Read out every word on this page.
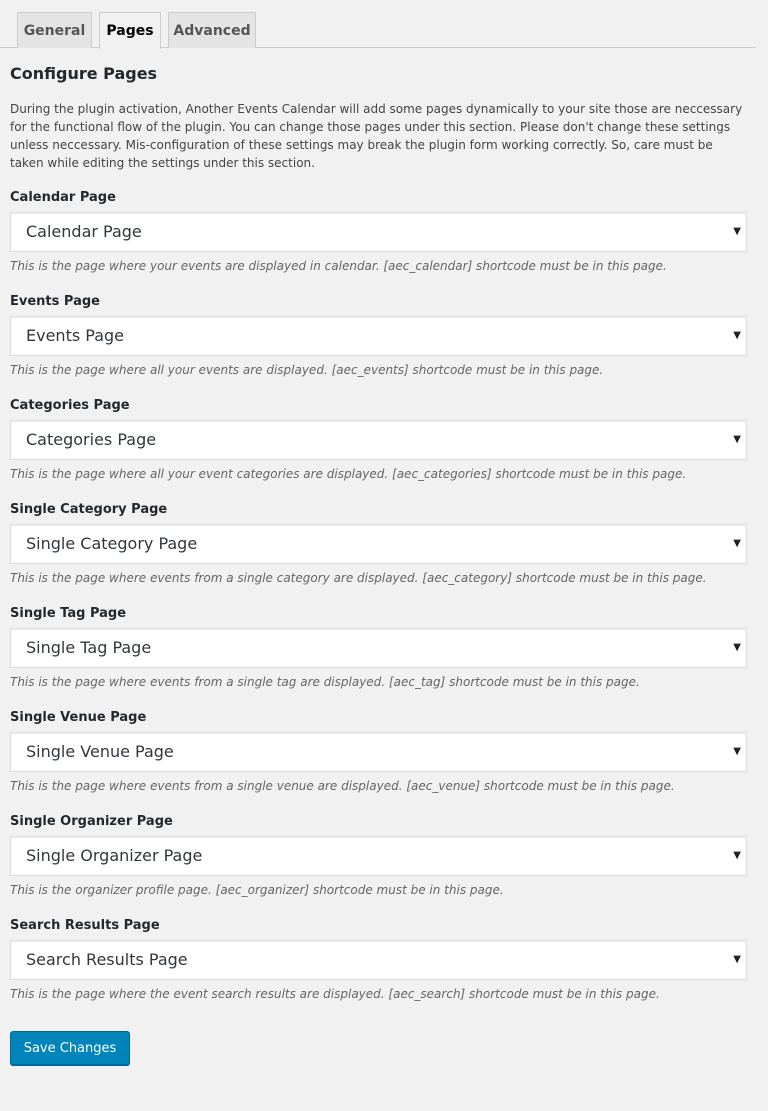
General	Pages	Advanced
Configure Pages

During the plugin activation, Another Events Calendar will add some pages dynamically to your site those are neccessary for the functional flow of the plugin. You can change those pages under this section. Please don't change these settings unless neccessary. Mis-configuration of these settings may break the plugin form working correctly. So, care must be taken while editing the settings under this section.

Calendar Page
Calendar Page	▼
This is the page where your events are displayed in calendar. [aec_calendar] shortcode must be in this page.
Events Page
Events Page	▼
This is the page where all your events are displayed. [aec_events] shortcode must be in this page.
Categories Page
Categories Page	▼
This is the page where all your event categories are displayed. [aec_categories] shortcode must be in this page.
Single Category Page
Single Category Page	▼
This is the page where events from a single category are displayed. [aec_category] shortcode must be in this page.
Single Tag Page
Single Tag Page	▼
This is the page where events from a single tag are displayed. [aec_tag] shortcode must be in this page.
Single Venue Page
Single Venue Page	▼
This is the page where events from a single venue are displayed. [aec_venue] shortcode must be in this page.
Single Organizer Page
Single Organizer Page	▼
This is the organizer profile page. [aec_organizer] shortcode must be in this page.
Search Results Page
Search Results Page	▼
This is the page where the event search results are displayed. [aec_search] shortcode must be in this page.
Save Changes
